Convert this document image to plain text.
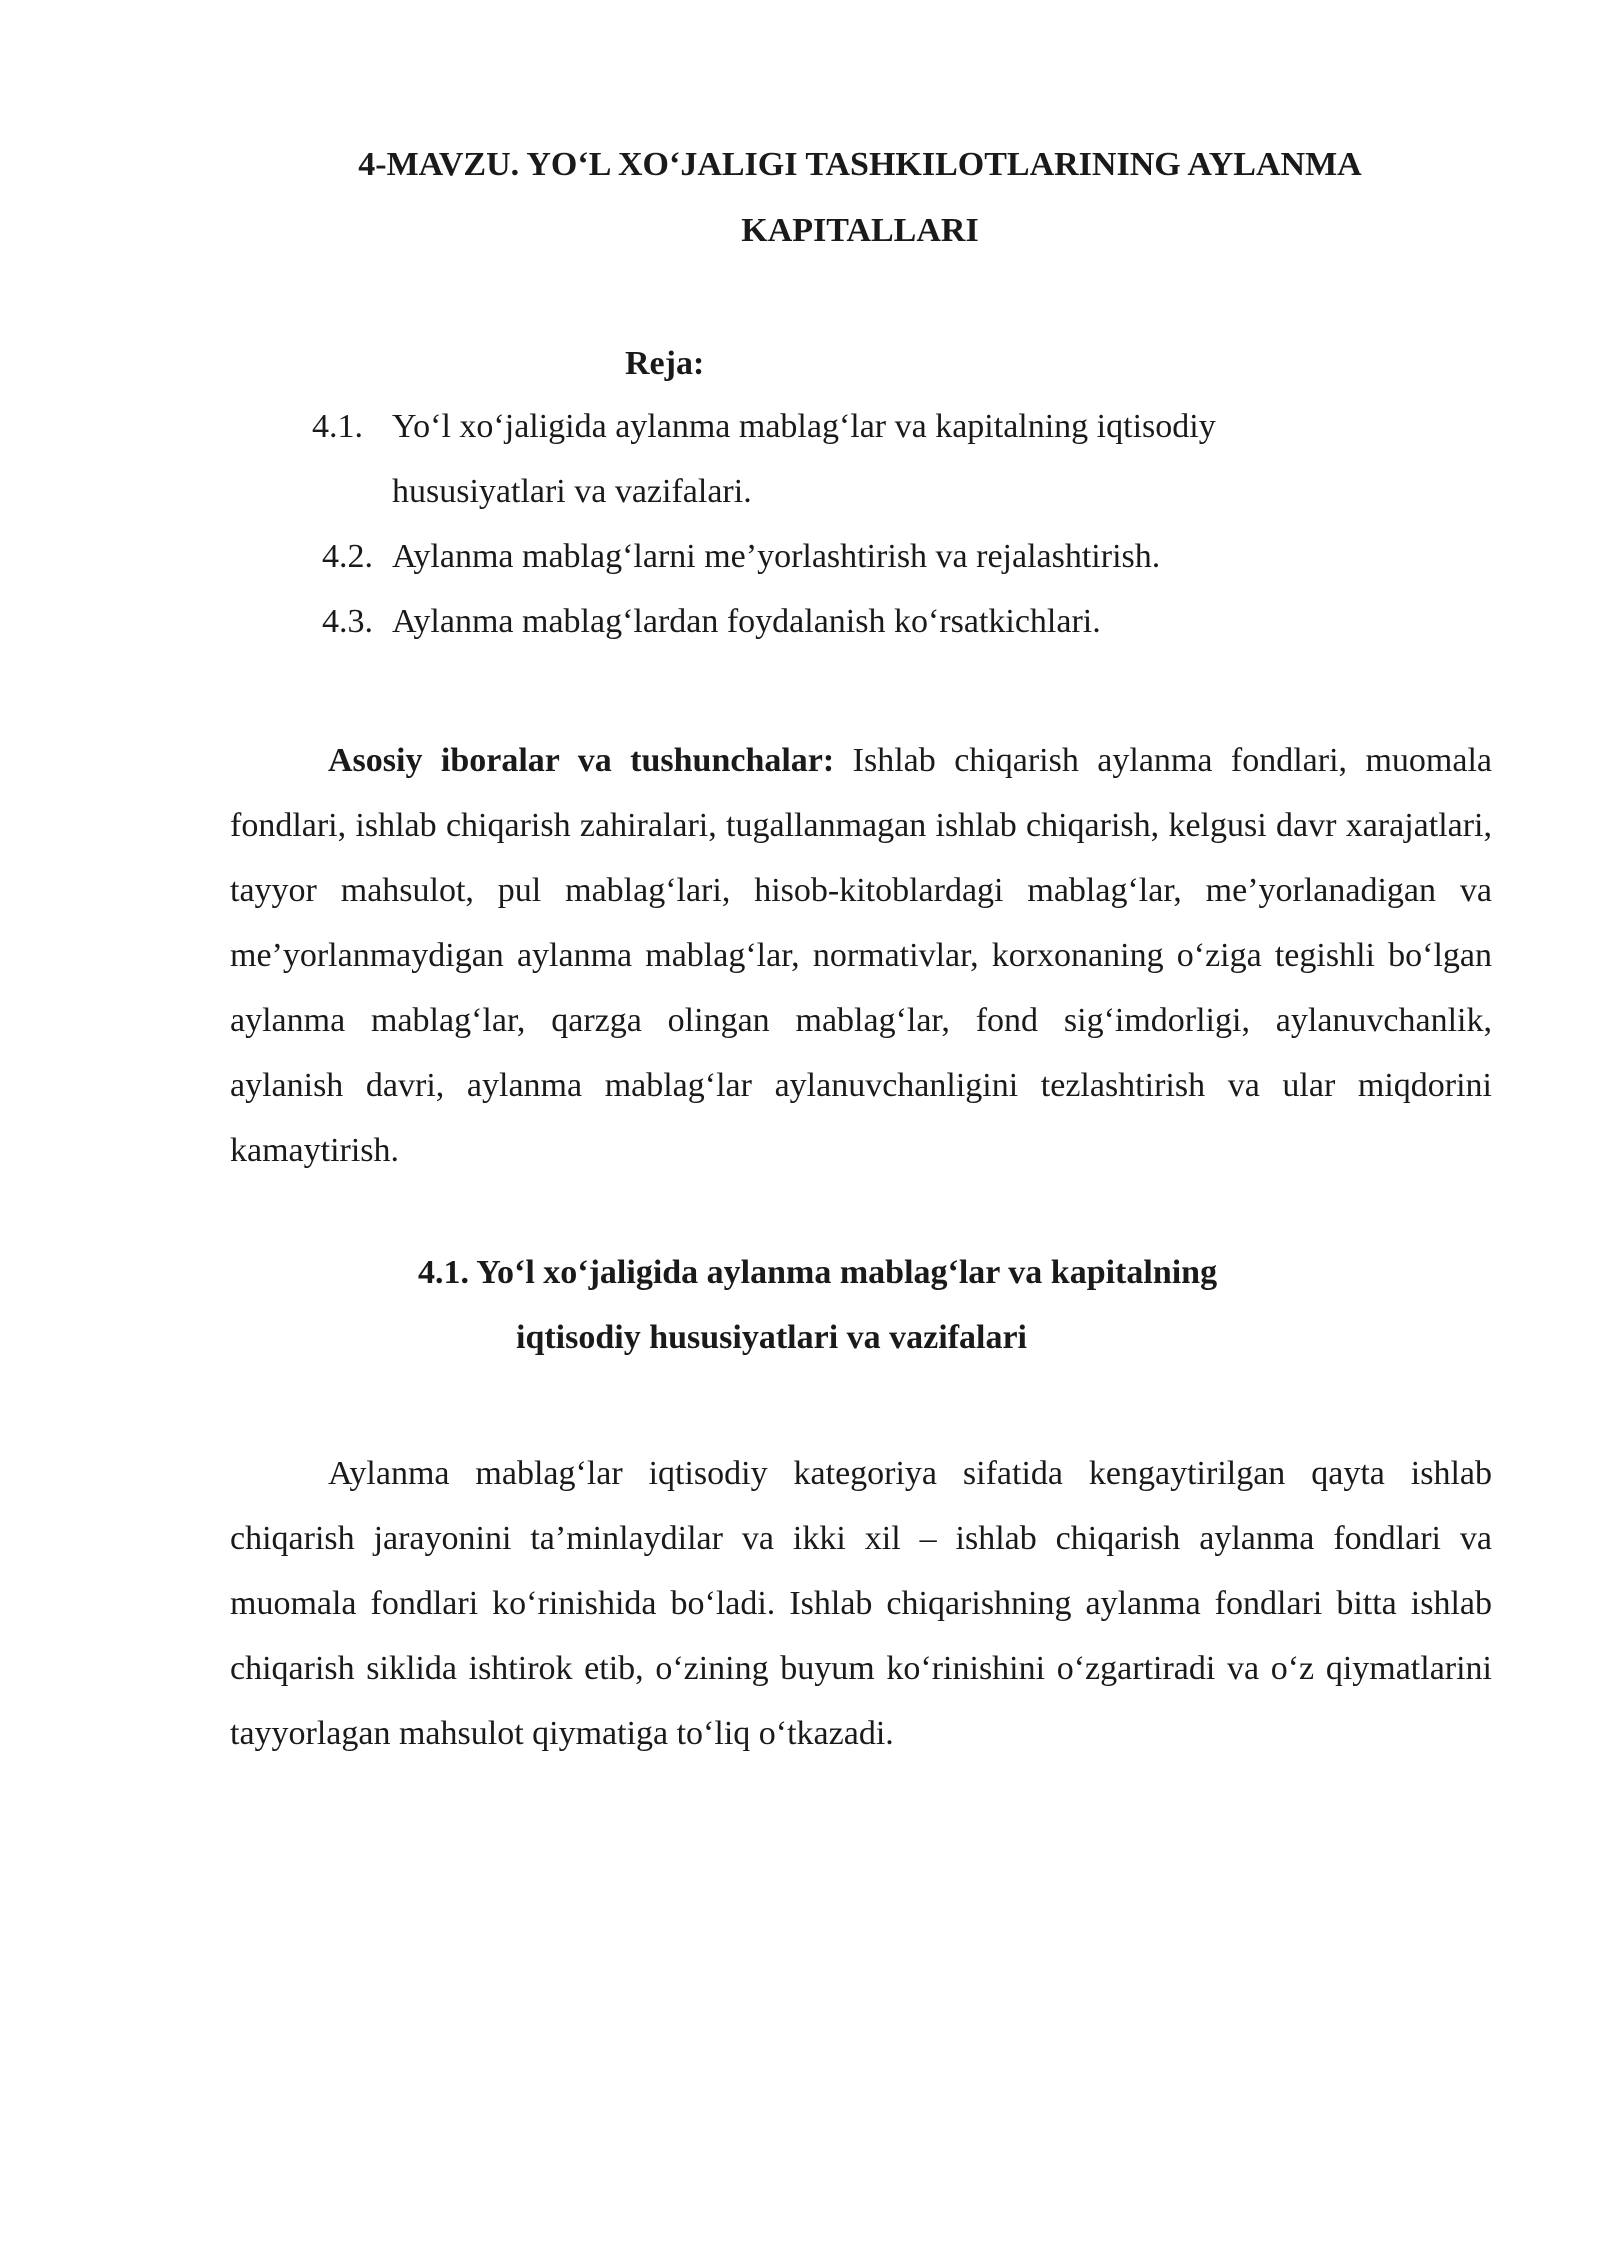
4-MAVZU. YO‘L XO‘JALIGI TASHKILOTLARINING AYLANMA
KAPITALLARI
Reja:
4.1. Yo‘l xo‘jaligida aylanma mablag‘lar va kapitalning iqtisodiy
hususiyatlari va vazifalari.
4.2. Aylanma mablag‘larni me’yorlashtirish va rejalashtirish.
4.3. Aylanma mablag‘lardan foydalanish ko‘rsatkichlari.

Asosiy iboralar va tushunchalar: Ishlab chiqarish aylanma fondlari, muomala fondlari, ishlab chiqarish zahiralari, tugallanmagan ishlab chiqarish, kelgusi davr xarajatlari, tayyor mahsulot, pul mablag‘lari, hisob-kitoblardagi mablag‘lar, me’yorlanadigan va me’yorlanmaydigan aylanma mablag‘lar, normativlar, korxonaning o‘ziga tegishli bo‘lgan aylanma mablag‘lar, qarzga olingan mablag‘lar, fond sig‘imdorligi, aylanuvchanlik, aylanish davri, aylanma mablag‘lar aylanuvchanligini tezlashtirish va ular miqdorini kamaytirish.

4.1. Yo‘l xo‘jaligida aylanma mablag‘lar va kapitalning
iqtisodiy hususiyatlari va vazifalari

Aylanma mablag‘lar iqtisodiy kategoriya sifatida kengaytirilgan qayta ishlab chiqarish jarayonini ta’minlaydilar va ikki xil – ishlab chiqarish aylanma fondlari va muomala fondlari ko‘rinishida bo‘ladi. Ishlab chiqarishning aylanma fondlari bitta ishlab chiqarish siklida ishtirok etib, o‘zining buyum ko‘rinishini o‘zgartiradi va o‘z qiymatlarini tayyorlagan mahsulot qiymatiga to‘liq o‘tkazadi.
